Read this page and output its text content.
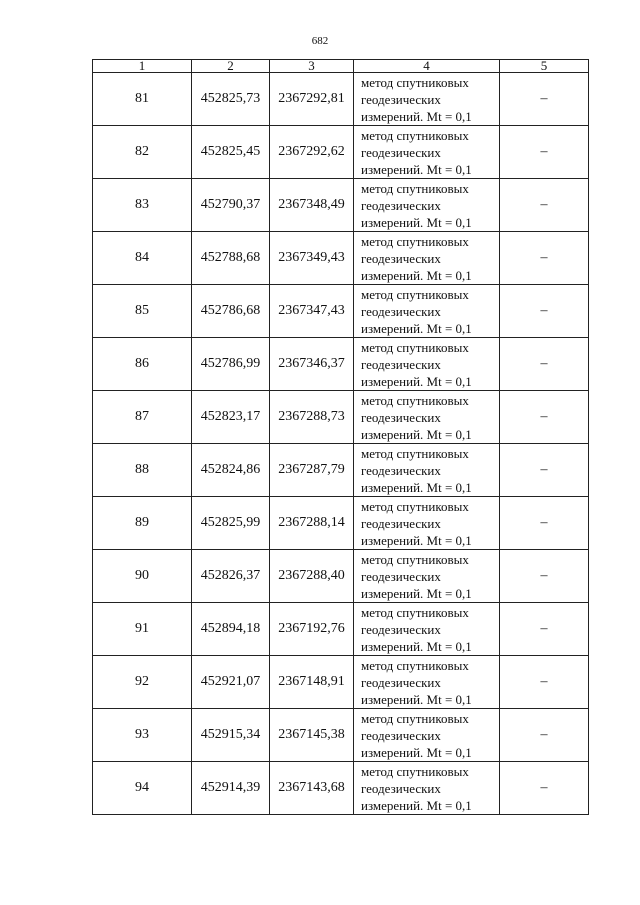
682
1	2	3	4	5
81	452825,73	2367292,81	метод спутниковых
геодезических
измерений. Mt = 0,1	–
82	452825,45	2367292,62	метод спутниковых
геодезических
измерений. Mt = 0,1	–
83	452790,37	2367348,49	метод спутниковых
геодезических
измерений. Mt = 0,1	–
84	452788,68	2367349,43	метод спутниковых
геодезических
измерений. Mt = 0,1	–
85	452786,68	2367347,43	метод спутниковых
геодезических
измерений. Mt = 0,1	–
86	452786,99	2367346,37	метод спутниковых
геодезических
измерений. Mt = 0,1	–
87	452823,17	2367288,73	метод спутниковых
геодезических
измерений. Mt = 0,1	–
88	452824,86	2367287,79	метод спутниковых
геодезических
измерений. Mt = 0,1	–
89	452825,99	2367288,14	метод спутниковых
геодезических
измерений. Mt = 0,1	–
90	452826,37	2367288,40	метод спутниковых
геодезических
измерений. Mt = 0,1	–
91	452894,18	2367192,76	метод спутниковых
геодезических
измерений. Mt = 0,1	–
92	452921,07	2367148,91	метод спутниковых
геодезических
измерений. Mt = 0,1	–
93	452915,34	2367145,38	метод спутниковых
геодезических
измерений. Mt = 0,1	–
94	452914,39	2367143,68	метод спутниковых
геодезических
измерений. Mt = 0,1	–
